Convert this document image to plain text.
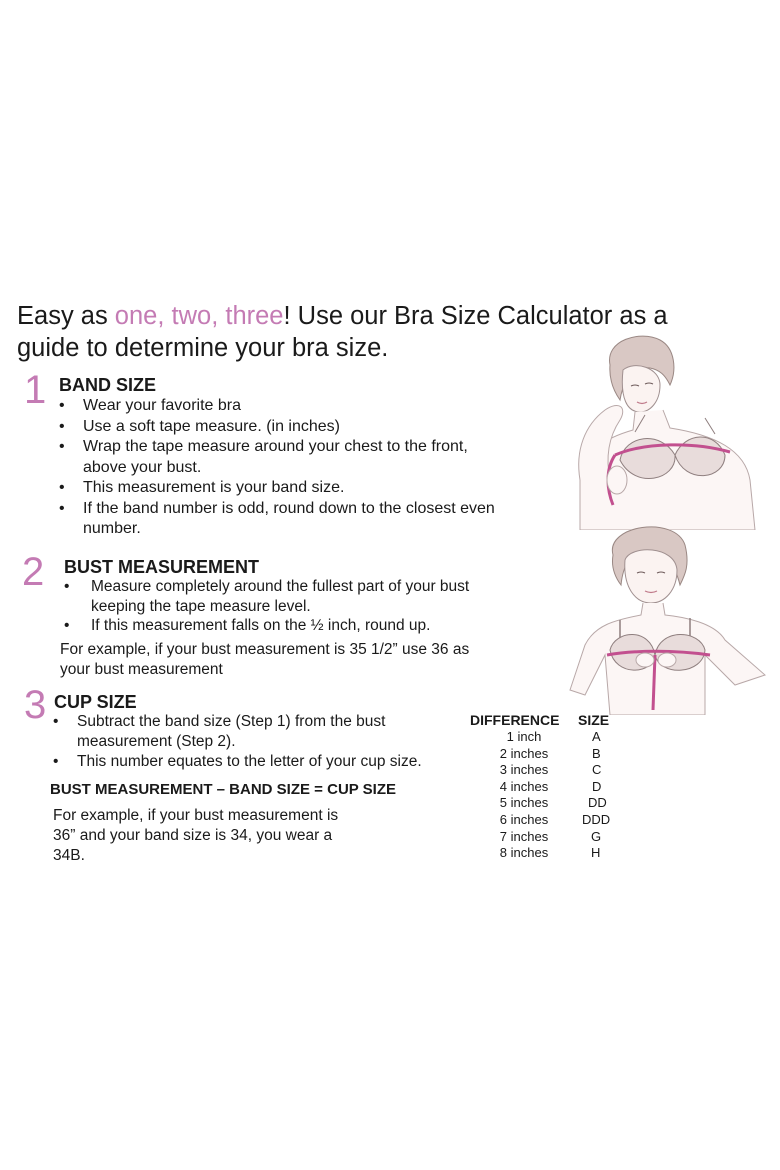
Easy as one, two, three! Use our Bra Size Calculator as a guide to determine your bra size.
1 BAND SIZE
• Wear your favorite bra
• Use a soft tape measure. (in inches)
• Wrap the tape measure around your chest to the front, above your bust.
• This measurement is your band size.
• If the band number is odd, round down to the closest even number.
2 BUST MEASUREMENT
• Measure completely around the fullest part of your bust keeping the tape measure level.
• If this measurement falls on the ½ inch, round up.
For example, if your bust measurement is 35 1/2” use 36 as your bust measurement
3 CUP SIZE
• Subtract the band size (Step 1) from the bust measurement (Step 2).
• This number equates to the letter of your cup size.
BUST MEASUREMENT – BAND SIZE = CUP SIZE
For example, if your bust measurement is 36” and your band size is 34, you wear a 34B.
DIFFERENCE	SIZE
1 inch	A
2 inches	B
3 inches	C
4 inches	D
5 inches	DD
6 inches	DDD
7 inches	G
8 inches	H
